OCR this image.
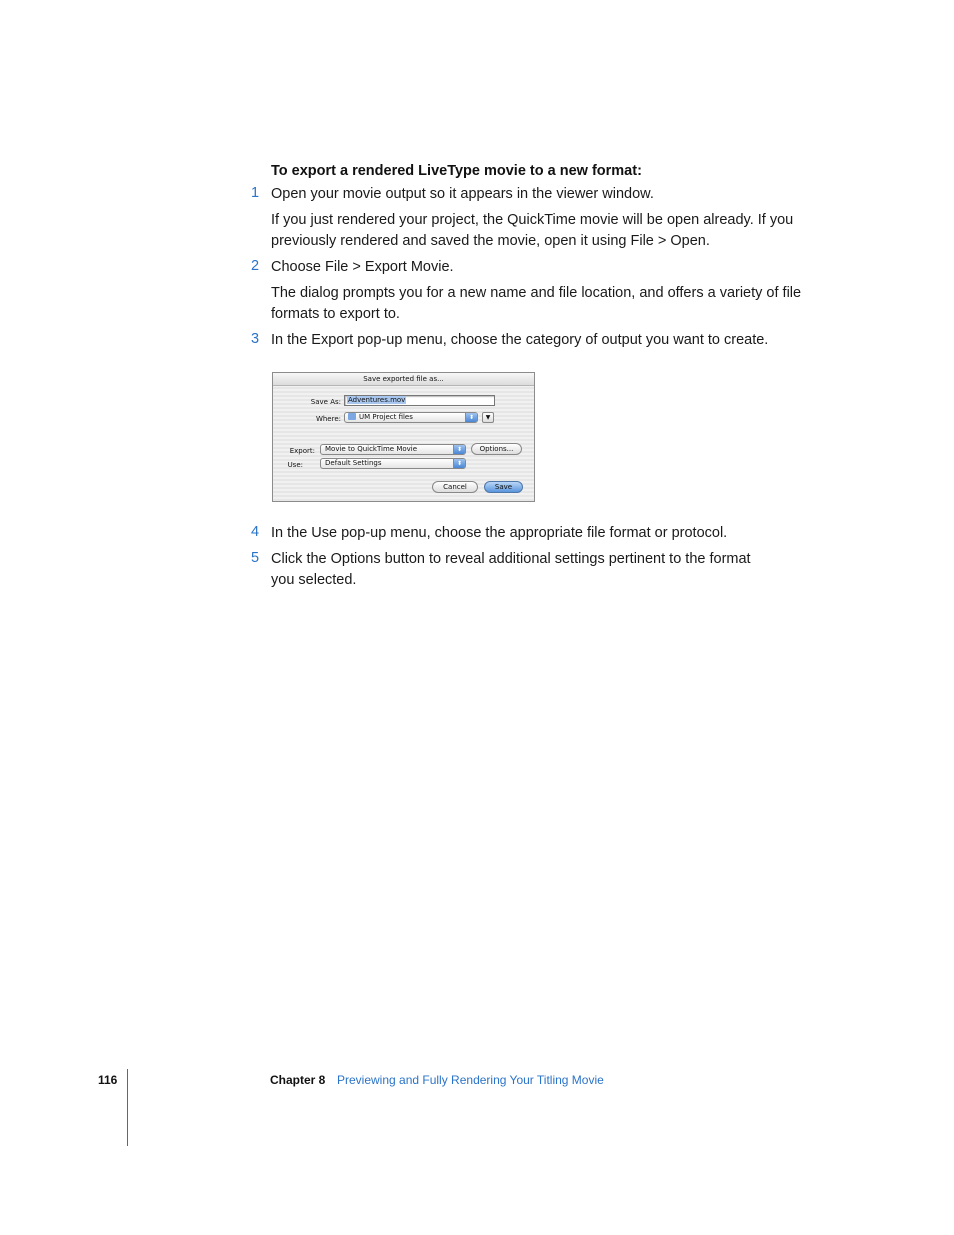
To export a rendered LiveType movie to a new format:
1 Open your movie output so it appears in the viewer window.
If you just rendered your project, the QuickTime movie will be open already. If you previously rendered and saved the movie, open it using File > Open.
2 Choose File > Export Movie.
The dialog prompts you for a new name and file location, and offers a variety of file formats to export to.
3 In the Export pop-up menu, choose the category of output you want to create.
Save exported file as...
Save As:	Adventures.mov
Where:	UM Project files	⬍	▼
Export:	Movie to QuickTime Movie	⬍	Options...
Use:	Default Settings	⬍
Cancel	Save
4 In the Use pop-up menu, choose the appropriate file format or protocol.
5 Click the Options button to reveal additional settings pertinent to the format you selected.
116	Chapter 8 Previewing and Fully Rendering Your Titling Movie
